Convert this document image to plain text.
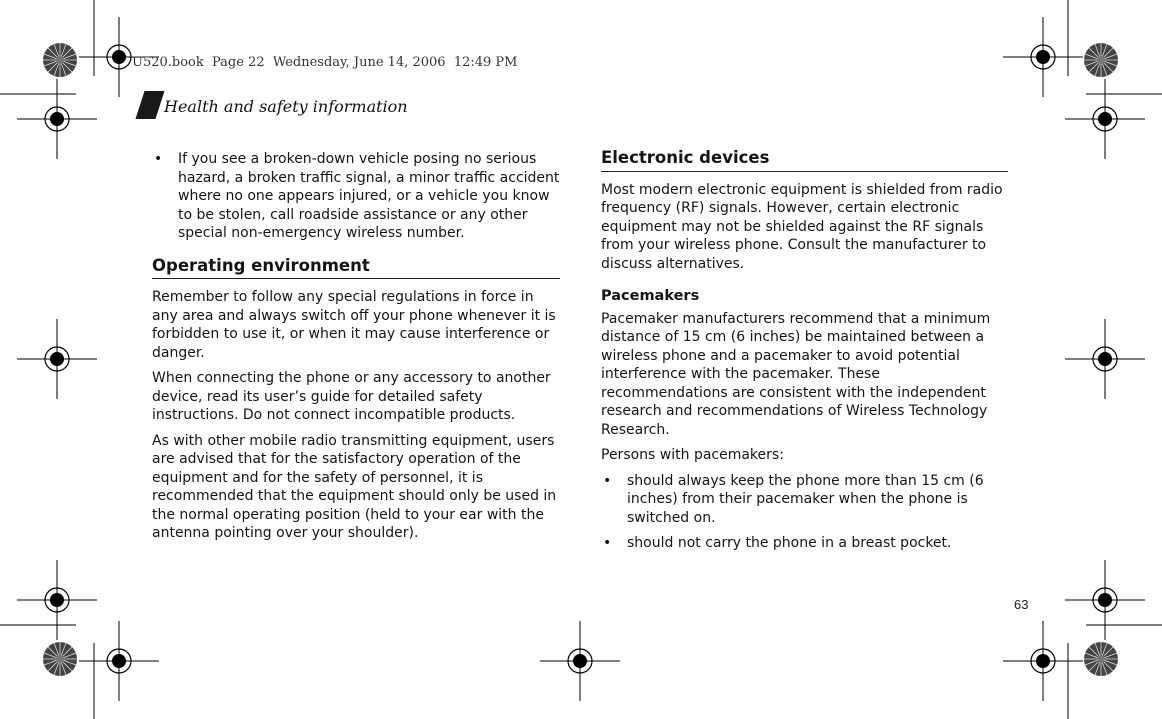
U520.book  Page 22  Wednesday, June 14, 2006  12:49 PM
Health and safety information
• If you see a broken-down vehicle posing no serious hazard, a broken traffic signal, a minor traffic accident where no one appears injured, or a vehicle you know to be stolen, call roadside assistance or any other special non-emergency wireless number.
Operating environment

Remember to follow any special regulations in force in any area and always switch off your phone whenever it is forbidden to use it, or when it may cause interference or danger.

When connecting the phone or any accessory to another device, read its user’s guide for detailed safety instructions. Do not connect incompatible products.

As with other mobile radio transmitting equipment, users are advised that for the satisfactory operation of the equipment and for the safety of personnel, it is recommended that the equipment should only be used in the normal operating position (held to your ear with the antenna pointing over your shoulder).

Electronic devices

Most modern electronic equipment is shielded from radio frequency (RF) signals. However, certain electronic equipment may not be shielded against the RF signals from your wireless phone. Consult the manufacturer to discuss alternatives.

Pacemakers

Pacemaker manufacturers recommend that a minimum distance of 15 cm (6 inches) be maintained between a wireless phone and a pacemaker to avoid potential interference with the pacemaker. These recommendations are consistent with the independent research and recommendations of Wireless Technology Research.

Persons with pacemakers:

• should always keep the phone more than 15 cm (6 inches) from their pacemaker when the phone is switched on.
• should not carry the phone in a breast pocket.
63
